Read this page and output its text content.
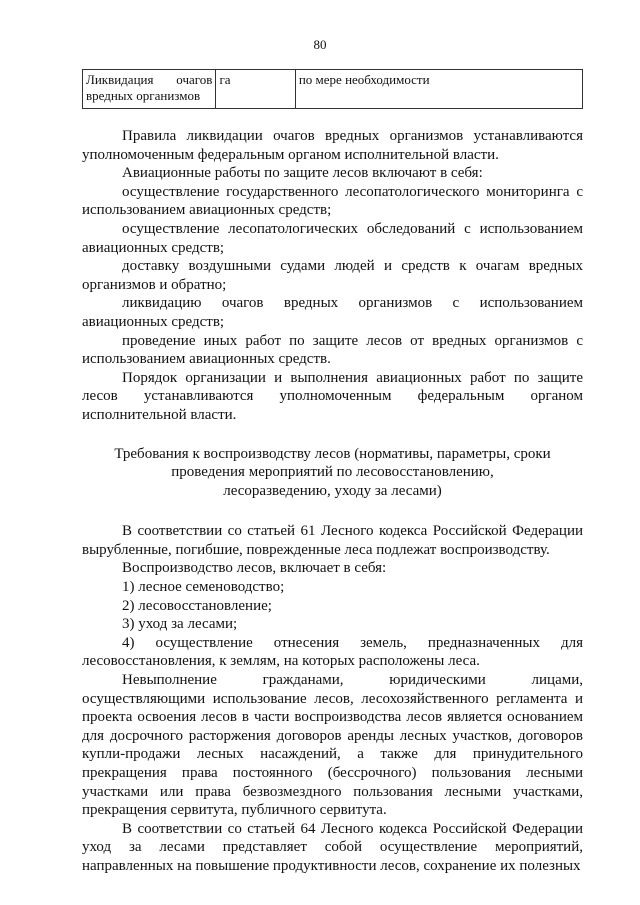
80
Ликвидация очагов вредных организмов	га	по мере необходимости

Правила ликвидации очагов вредных организмов устанавливаются уполномоченным федеральным органом исполнительной власти.

Авиационные работы по защите лесов включают в себя:

осуществление государственного лесопатологического мониторинга с использованием авиационных средств;

осуществление лесопатологических обследований с использованием авиационных средств;

доставку воздушными судами людей и средств к очагам вредных организмов и обратно;

ликвидацию очагов вредных организмов с использованием авиационных средств;

проведение иных работ по защите лесов от вредных организмов с использованием авиационных средств.

Порядок организации и выполнения авиационных работ по защите лесов устанавливаются уполномоченным федеральным органом исполнительной власти.

Требования к воспроизводству лесов (нормативы, параметры, сроки
проведения мероприятий по лесовосстановлению,
лесоразведению, уходу за лесами)

В соответствии со статьей 61 Лесного кодекса Российской Федерации вырубленные, погибшие, поврежденные леса подлежат воспроизводству.

Воспроизводство лесов, включает в себя:

1) лесное семеноводство;

2) лесовосстановление;

3) уход за лесами;

4) осуществление отнесения земель, предназначенных для лесовосстановления, к землям, на которых расположены леса.

Невыполнение гражданами, юридическими лицами, осуществляющими использование лесов, лесохозяйственного регламента и проекта освоения лесов в части воспроизводства лесов является основанием для досрочного расторжения договоров аренды лесных участков, договоров купли-продажи лесных насаждений, а также для принудительного прекращения права постоянного (бессрочного) пользования лесными участками или права безвозмездного пользования лесными участками, прекращения сервитута, публичного сервитута.

В соответствии со статьей 64 Лесного кодекса Российской Федерации уход за лесами представляет собой осуществление мероприятий, направленных на повышение продуктивности лесов, сохранение их полезных
